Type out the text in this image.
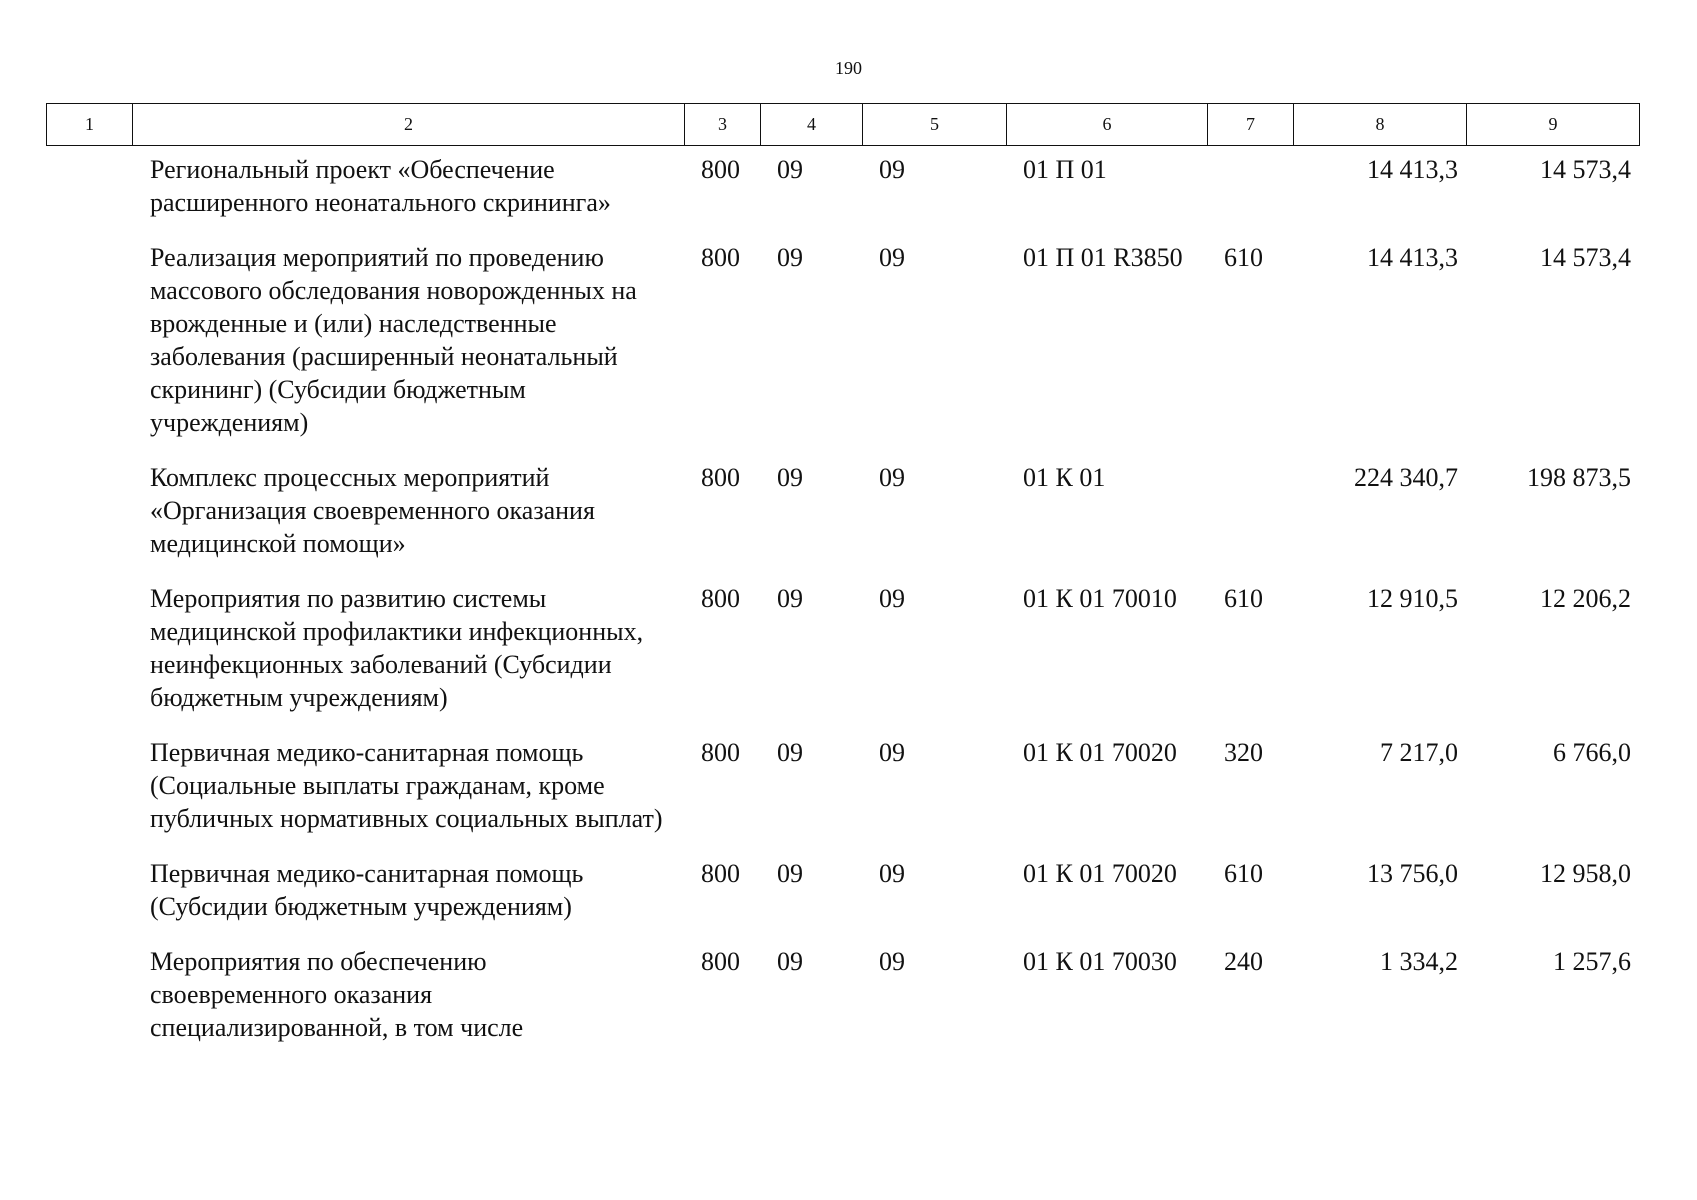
190
1	2	3	4	5	6	7	8	9
Региональный проект «Обеспечение расширенного неонатального скрининга»	800	09	09	01 П 01		14 413,3	14 573,4

Реализация мероприятий по проведению массового обследования новорожденных на врожденные и (или) наследственные заболевания (расширенный неонатальный скрининг) (Субсидии бюджетным учреждениям)	800	09	09	01 П 01 R3850	610	14 413,3	14 573,4

Комплекс процессных мероприятий «Организация своевременного оказания медицинской помощи»	800	09	09	01 К 01		224 340,7	198 873,5

Мероприятия по развитию системы медицинской профилактики инфекционных, неинфекционных заболеваний (Субсидии бюджетным учреждениям)	800	09	09	01 К 01 70010	610	12 910,5	12 206,2

Первичная медико-санитарная помощь (Социальные выплаты гражданам, кроме публичных нормативных социальных выплат)	800	09	09	01 К 01 70020	320	7 217,0	6 766,0

Первичная медико-санитарная помощь (Субсидии бюджетным учреждениям)	800	09	09	01 К 01 70020	610	13 756,0	12 958,0

Мероприятия по обеспечению своевременного оказания специализированной, в том числе	800	09	09	01 К 01 70030	240	1 334,2	1 257,6
